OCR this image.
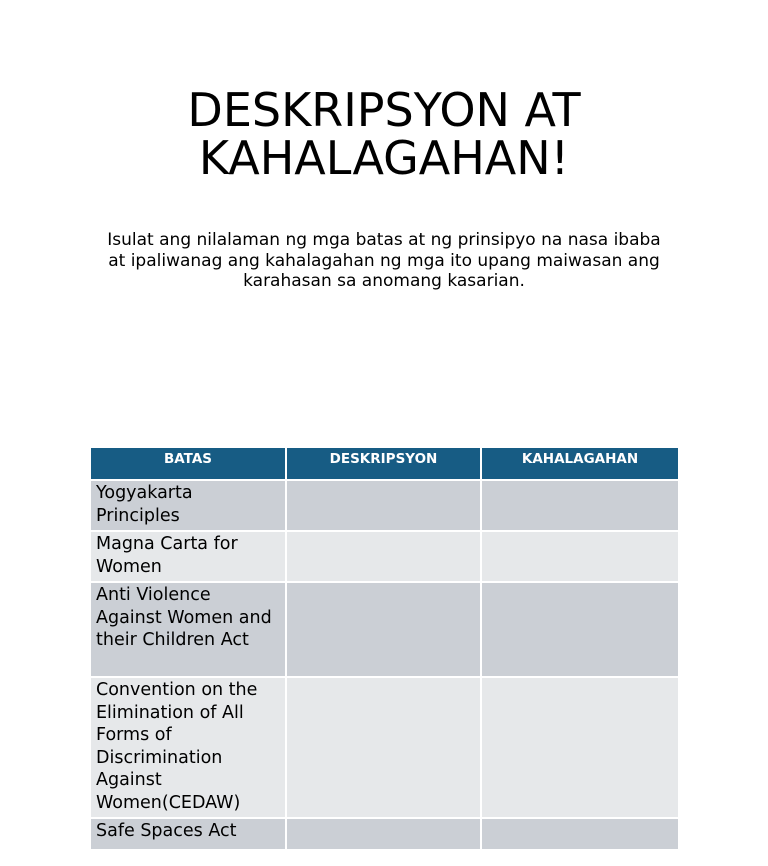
DESKRIPSYON AT
KAHALAGAHAN!

Isulat ang nilalaman ng mga batas at ng prinsipyo na nasa ibaba at ipaliwanag ang kahalagahan ng mga ito upang maiwasan ang karahasan sa anomang kasarian.

BATAS	DESKRIPSYON	KAHALAGAHAN
Yogyakarta Principles		
Magna Carta for Women		
Anti Violence Against Women and their Children Act		
Convention on the Elimination of All Forms of Discrimination Against Women(CEDAW)		
Safe Spaces Act		
